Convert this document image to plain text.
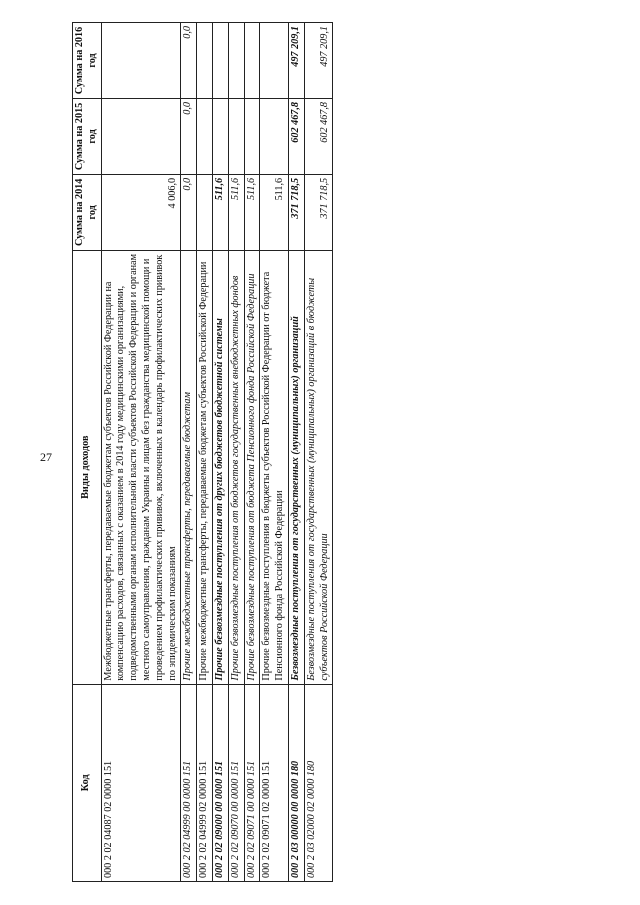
27
Код	Виды доходов	Сумма на 2014 год	Сумма на 2015 год	Сумма на 2016 год
000 2 02 04087 02 0000 151	Межбюджетные трансферты, передаваемые бюджетам субъектов Российской Федерации на компенсацию расходов, связанных с оказанием в 2014 году медицинскими организациями, подведомственными органам исполнительной власти субъектов Российской Федерации и органам местного самоуправления, гражданам Украины и лицам без гражданства медицинской помощи и проведением профилактических прививок, включенных в календарь профилактических прививок по эпидемическим показаниям	4 006,0		
000 2 02 04999 00 0000 151	Прочие межбюджетные трансферты, передаваемые бюджетам	0,0	0,0	0,0
000 2 02 04999 02 0000 151	Прочие межбюджетные трансферты, передаваемые бюджетам субъектов Российской Федерации			
000 2 02 09000 00 0000 151	Прочие безвозмездные поступления от других бюджетов бюджетной системы	511,6		
000 2 02 09070 00 0000 151	Прочие безвозмездные поступления от бюджетов государственных внебюджетных фондов	511,6		
000 2 02 09071 00 0000 151	Прочие безвозмездные поступления от бюджета Пенсионного фонда Российской Федерации	511,6		
000 2 02 09071 02 0000 151	Прочие безвозмездные поступления в бюджеты субъектов Российской Федерации от бюджета Пенсионного фонда Российской Федерации	511,6		
000 2 03 00000 00 0000 180	Безвозмездные поступления от государственных (муниципальных) организаций	371 718,5	602 467,8	497 209,1
000 2 03 02000 02 0000 180	Безвозмездные поступления от государственных (муниципальных) организаций в бюджеты субъектов Российской Федерации	371 718,5	602 467,8	497 209,1
